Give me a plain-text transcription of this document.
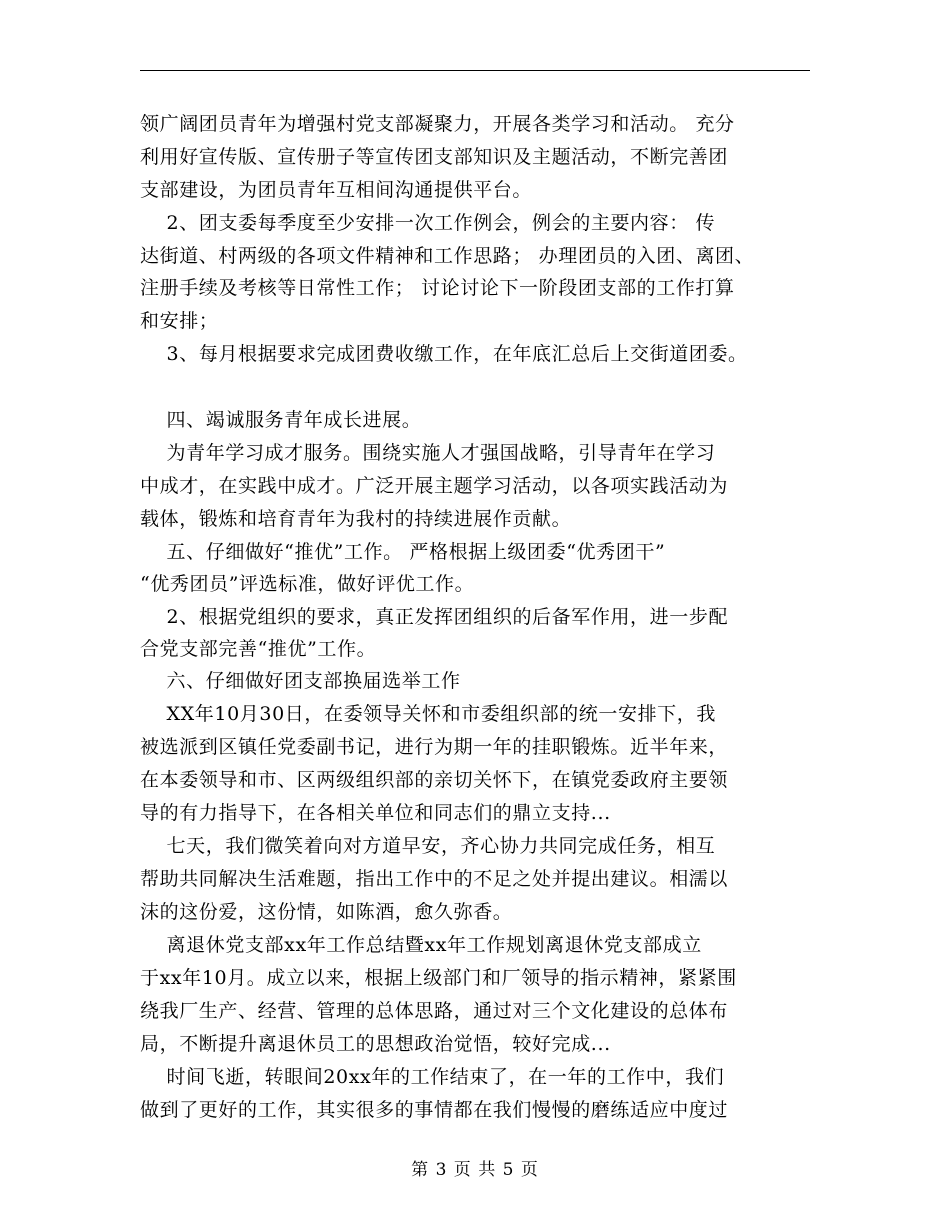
领广阔团员青年为增强村党支部凝聚力，开展各类学习和活动。 充分
利用好宣传版、宣传册子等宣传团支部知识及主题活动，不断完善团
支部建设，为团员青年互相间沟通提供平台。
2、团支委每季度至少安排一次工作例会，例会的主要内容： 传
达街道、村两级的各项文件精神和工作思路； 办理团员的入团、离团、
注册手续及考核等日常性工作； 讨论讨论下一阶段团支部的工作打算
和安排；
3、每月根据要求完成团费收缴工作，在年底汇总后上交街道团委。
四、竭诚服务青年成长进展。
为青年学习成才服务。围绕实施人才强国战略，引导青年在学习
中成才，在实践中成才。广泛开展主题学习活动，以各项实践活动为
载体，锻炼和培育青年为我村的持续进展作贡献。
五、仔细做好“推优”工作。 严格根据上级团委“优秀团干”
“优秀团员”评选标准，做好评优工作。
2、根据党组织的要求，真正发挥团组织的后备军作用，进一步配
合党支部完善“推优”工作。
六、仔细做好团支部换届选举工作
XX年10月30日，在委领导关怀和市委组织部的统一安排下，我
被选派到区镇任党委副书记，进行为期一年的挂职锻炼。近半年来，
在本委领导和市、区两级组织部的亲切关怀下，在镇党委政府主要领
导的有力指导下，在各相关单位和同志们的鼎立支持...
七天，我们微笑着向对方道早安，齐心协力共同完成任务，相互
帮助共同解决生活难题，指出工作中的不足之处并提出建议。相濡以
沫的这份爱，这份情，如陈酒，愈久弥香。
离退休党支部xx年工作总结暨xx年工作规划离退休党支部成立
于xx年10月。成立以来，根据上级部门和厂领导的指示精神，紧紧围
绕我厂生产、经营、管理的总体思路，通过对三个文化建设的总体布
局，不断提升离退休员工的思想政治觉悟，较好完成...
时间飞逝，转眼间20xx年的工作结束了，在一年的工作中，我们
做到了更好的工作，其实很多的事情都在我们慢慢的磨练适应中度过
第 3 页 共 5 页
